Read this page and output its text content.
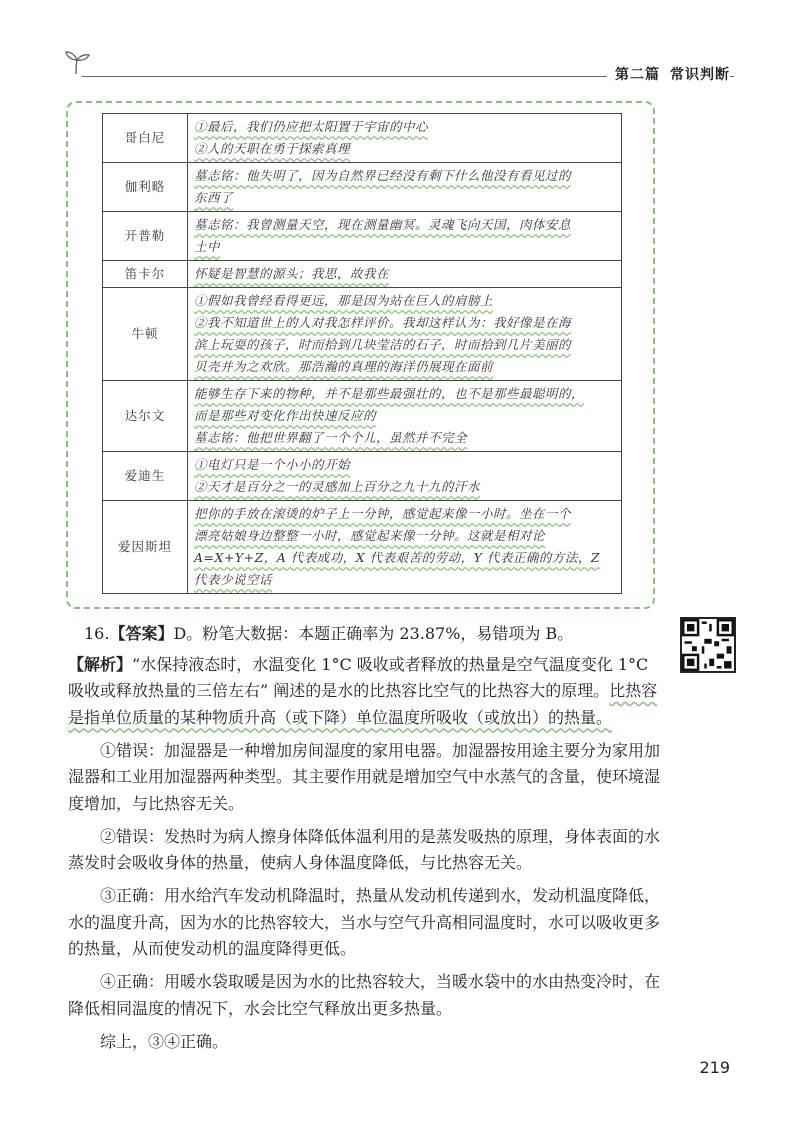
第二篇 常识判断
哥白尼	①最后，我们仍应把太阳置于宇宙的中心
②人的天职在勇于探索真理

伽利略	墓志铭：他失明了，因为自然界已经没有剩下什么他没有看见过的
东西了

开普勒	墓志铭：我曾测量天空，现在测量幽冥。灵魂飞向天国，肉体安息
土中

笛卡尔	怀疑是智慧的源头；我思，故我在

牛顿	①假如我曾经看得更远，那是因为站在巨人的肩膀上
②我不知道世上的人对我怎样评价。我却这样认为：我好像是在海
滨上玩耍的孩子，时而拾到几块莹洁的石子，时而拾到几片美丽的
贝壳并为之欢欣。那浩瀚的真理的海洋仍展现在面前

达尔文	能够生存下来的物种，并不是那些最强壮的，也不是那些最聪明的，
而是那些对变化作出快速反应的
墓志铭：他把世界翻了一个个儿，虽然并不完全

爱迪生	①电灯只是一个小小的开始
②天才是百分之一的灵感加上百分之九十九的汗水

爱因斯坦	把你的手放在滚烫的炉子上一分钟，感觉起来像一小时。坐在一个
漂亮姑娘身边整整一小时，感觉起来像一分钟。这就是相对论
A=X+Y+Z，A 代表成功，X 代表艰苦的劳动，Y 代表正确的方法，Z
代表少说空话

16.【答案】D。粉笔大数据：本题正确率为 23.87%，易错项为 B。

【解析】“水保持液态时，水温变化 1°C 吸收或者释放的热量是空气温度变化 1°C 吸收或释放热量的三倍左右” 阐述的是水的比热容比空气的比热容大的原理。比热容是指单位质量的某种物质升高（或下降）单位温度所吸收（或放出）的热量。

①错误：加湿器是一种增加房间湿度的家用电器。加湿器按用途主要分为家用加湿器和工业用加湿器两种类型。其主要作用就是增加空气中水蒸气的含量，使环境湿度增加，与比热容无关。

②错误：发热时为病人擦身体降低体温利用的是蒸发吸热的原理，身体表面的水蒸发时会吸收身体的热量，使病人身体温度降低，与比热容无关。

③正确：用水给汽车发动机降温时，热量从发动机传递到水，发动机温度降低，水的温度升高，因为水的比热容较大，当水与空气升高相同温度时，水可以吸收更多的热量，从而使发动机的温度降得更低。

④正确：用暖水袋取暖是因为水的比热容较大，当暖水袋中的水由热变冷时，在降低相同温度的情况下，水会比空气释放出更多热量。

综上，③④正确。

219
